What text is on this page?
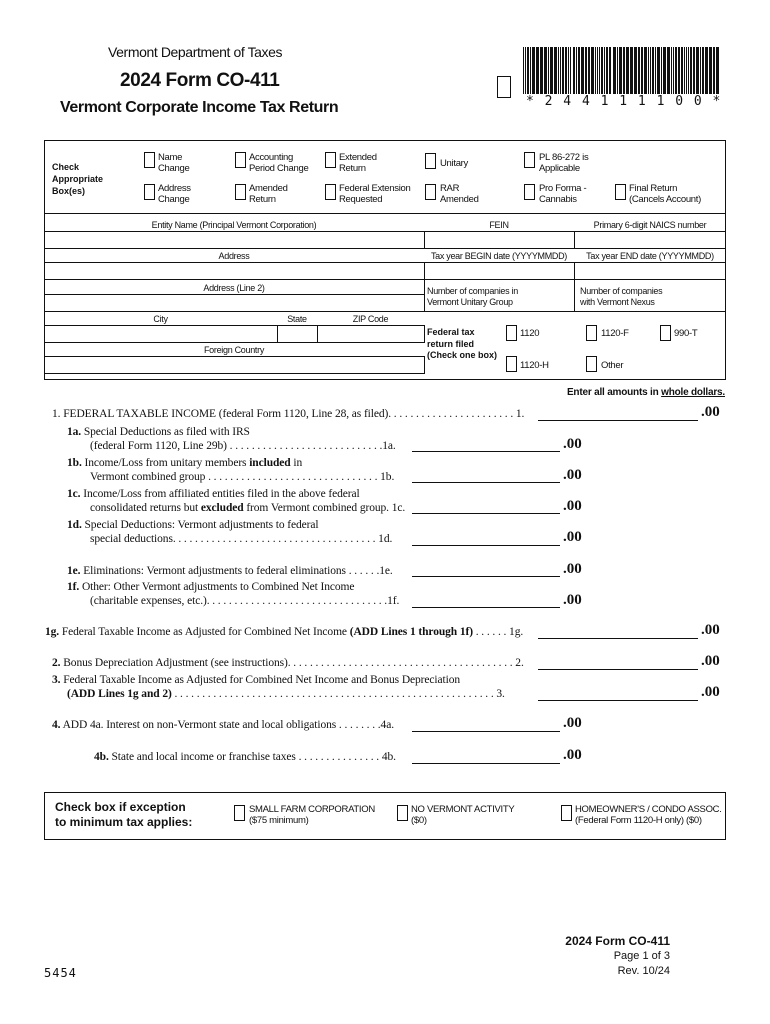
Vermont Department of Taxes
2024 Form CO-411
Vermont Corporate Income Tax Return	* 2 4 4 1 1 1 1 0 0 *
Check
Appropriate
Box(es)
Name
Change
Accounting
Period Change
Extended
Return	Unitary
PL 86-272 is
Applicable
Address
Change
Amended
Return
Federal Extension
Requested
RAR
Amended
Pro Forma -
Cannabis
Final Return
(Cancels Account)
Entity Name (Principal Vermont Corporation)	FEIN	Primary 6-digit NAICS number
Address	Tax year BEGIN date (YYYYMMDD)	Tax year END date (YYYYMMDD)
Address (Line 2)	Number of companies in
Vermont Unitary Group
Number of companies
with Vermont Nexus
City	State	ZIP Code
Foreign Country
Federal tax
return filed
(Check one box)
1120	1120-F	990-T
1120-H	Other
Enter all amounts in whole dollars.
1. FEDERAL TAXABLE INCOME (federal Form 1120, Line 28, as filed). . . . . . . . . . . . . . . . . . . . . . . 1.	.00
1a. Special Deductions as filed with IRS
(federal Form 1120, Line 29b) . . . . . . . . . . . . . . . . . . . . . . . . . . . .1a.	.00
1b. Income/Loss from unitary members included in
Vermont combined group . . . . . . . . . . . . . . . . . . . . . . . . . . . . . . . 1b.	.00
1c. Income/Loss from affiliated entities filed in the above federal
consolidated returns but excluded from Vermont combined group. 1c.	.00
1d. Special Deductions: Vermont adjustments to federal
special deductions. . . . . . . . . . . . . . . . . . . . . . . . . . . . . . . . . . . . . 1d.	.00
1e. Eliminations: Vermont adjustments to federal eliminations . . . . . .1e.	.00
1f. Other: Other Vermont adjustments to Combined Net Income
(charitable expenses, etc.). . . . . . . . . . . . . . . . . . . . . . . . . . . . . . . . .1f.	.00
1g. Federal Taxable Income as Adjusted for Combined Net Income (ADD Lines 1 through 1f) . . . . . . 1g.	.00
2. Bonus Depreciation Adjustment (see instructions). . . . . . . . . . . . . . . . . . . . . . . . . . . . . . . . . . . . . . . . . 2.	.00
3. Federal Taxable Income as Adjusted for Combined Net Income and Bonus Depreciation
(ADD Lines 1g and 2) . . . . . . . . . . . . . . . . . . . . . . . . . . . . . . . . . . . . . . . . . . . . . . . . . . . . . . . . . . 3.	.00
4. ADD 4a. Interest on non-Vermont state and local obligations . . . . . . . .4a.	.00
4b. State and local income or franchise taxes . . . . . . . . . . . . . . . 4b.	.00
Check box if exception
to minimum tax applies:
SMALL FARM CORPORATION
($75 minimum)
NO VERMONT ACTIVITY
($0)
HOMEOWNER'S / CONDO ASSOC.
(Federal Form 1120-H only) ($0)
5454
2024 Form CO-411
Page 1 of 3
Rev. 10/24
